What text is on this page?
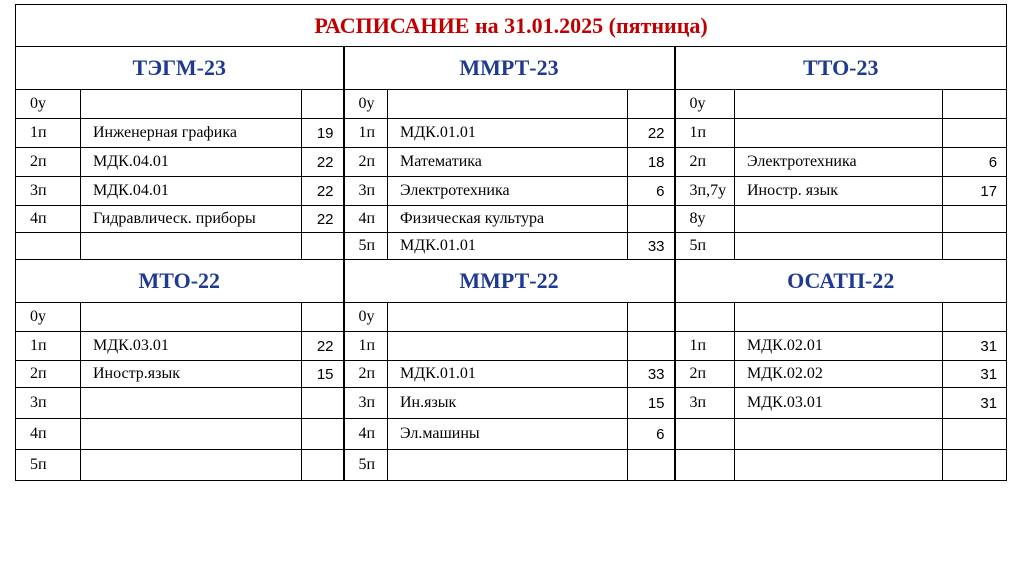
РАСПИСАНИЕ на 31.01.2025 (пятница)								
ТЭГМ-23			ММРТ-23			ТТО-23		
0у			0у			0у		
1п	Инженерная графика	19	1п	МДК.01.01	22	1п		
2п	МДК.04.01	22	2п	Математика	18	2п	Электротехника	6
3п	МДК.04.01	22	3п	Электротехника	6	3п,7у	Иностр. язык	17
4п	Гидравлическ. приборы	22	4п	Физическая культура		8у		
			5п	МДК.01.01	33	5п		
МТО-22			ММРТ-22			ОСАТП-22		
0у			0у					
1п	МДК.03.01	22	1п			1п	МДК.02.01	31
2п	Иностр.язык	15	2п	МДК.01.01	33	2п	МДК.02.02	31
3п			3п	Ин.язык	15	3п	МДК.03.01	31
4п			4п	Эл.машины	6			
5п			5п					
